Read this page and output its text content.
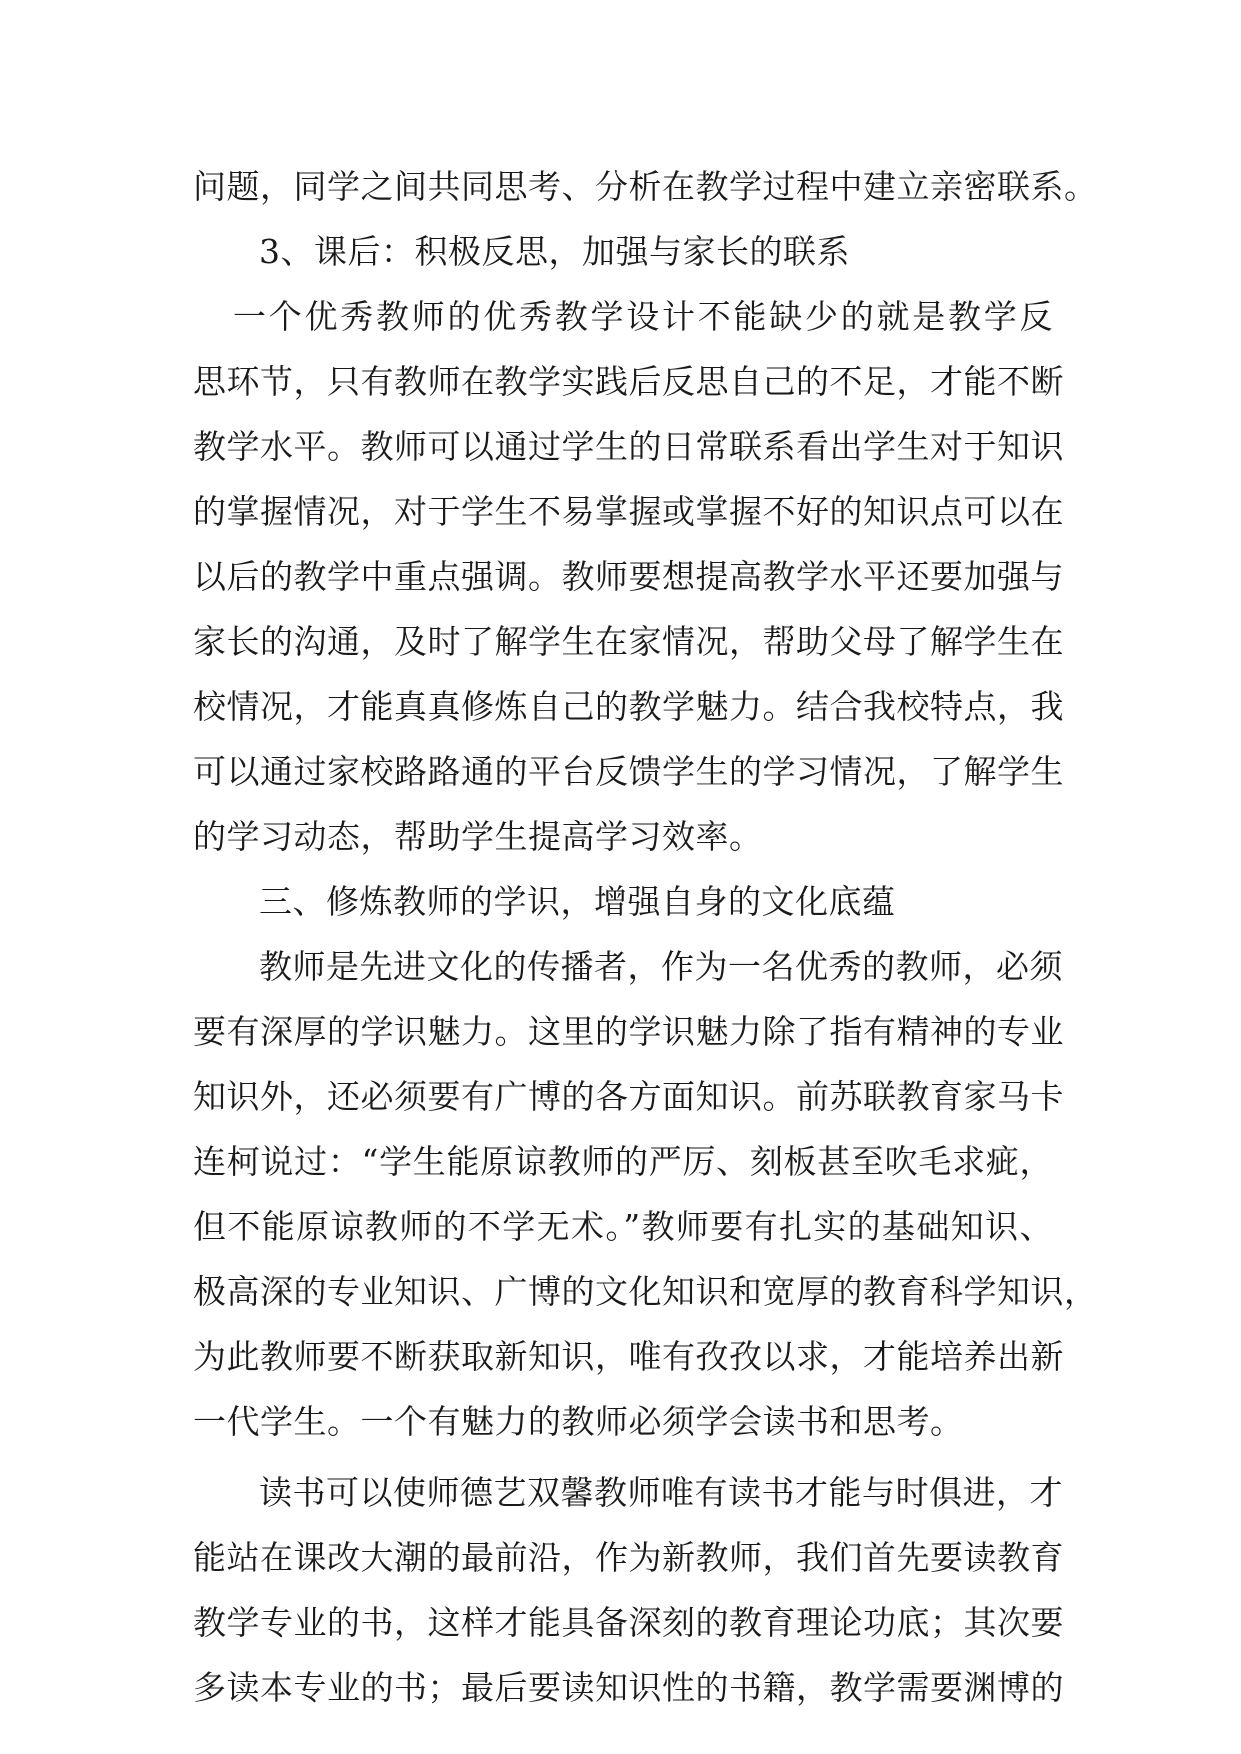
问题，同学之间共同思考、分析在教学过程中建立亲密联系。
3、课后：积极反思，加强与家长的联系
一个优秀教师的优秀教学设计不能缺少的就是教学反
思环节，只有教师在教学实践后反思自己的不足，才能不断
教学水平。教师可以通过学生的日常联系看出学生对于知识
的掌握情况，对于学生不易掌握或掌握不好的知识点可以在
以后的教学中重点强调。教师要想提高教学水平还要加强与
家长的沟通，及时了解学生在家情况，帮助父母了解学生在
校情况，才能真真修炼自己的教学魅力。结合我校特点，我
可以通过家校路路通的平台反馈学生的学习情况，了解学生
的学习动态，帮助学生提高学习效率。
三、修炼教师的学识，增强自身的文化底蕴
教师是先进文化的传播者，作为一名优秀的教师，必须
要有深厚的学识魅力。这里的学识魅力除了指有精神的专业
知识外，还必须要有广博的各方面知识。前苏联教育家马卡
连柯说过：“学生能原谅教师的严厉、刻板甚至吹毛求疵，
但不能原谅教师的不学无术。”教师要有扎实的基础知识、
极高深的专业知识、广博的文化知识和宽厚的教育科学知识，
为此教师要不断获取新知识，唯有孜孜以求，才能培养出新
一代学生。一个有魅力的教师必须学会读书和思考。
读书可以使师德艺双馨教师唯有读书才能与时俱进，才
能站在课改大潮的最前沿，作为新教师，我们首先要读教育
教学专业的书，这样才能具备深刻的教育理论功底；其次要
多读本专业的书；最后要读知识性的书籍，教学需要渊博的
